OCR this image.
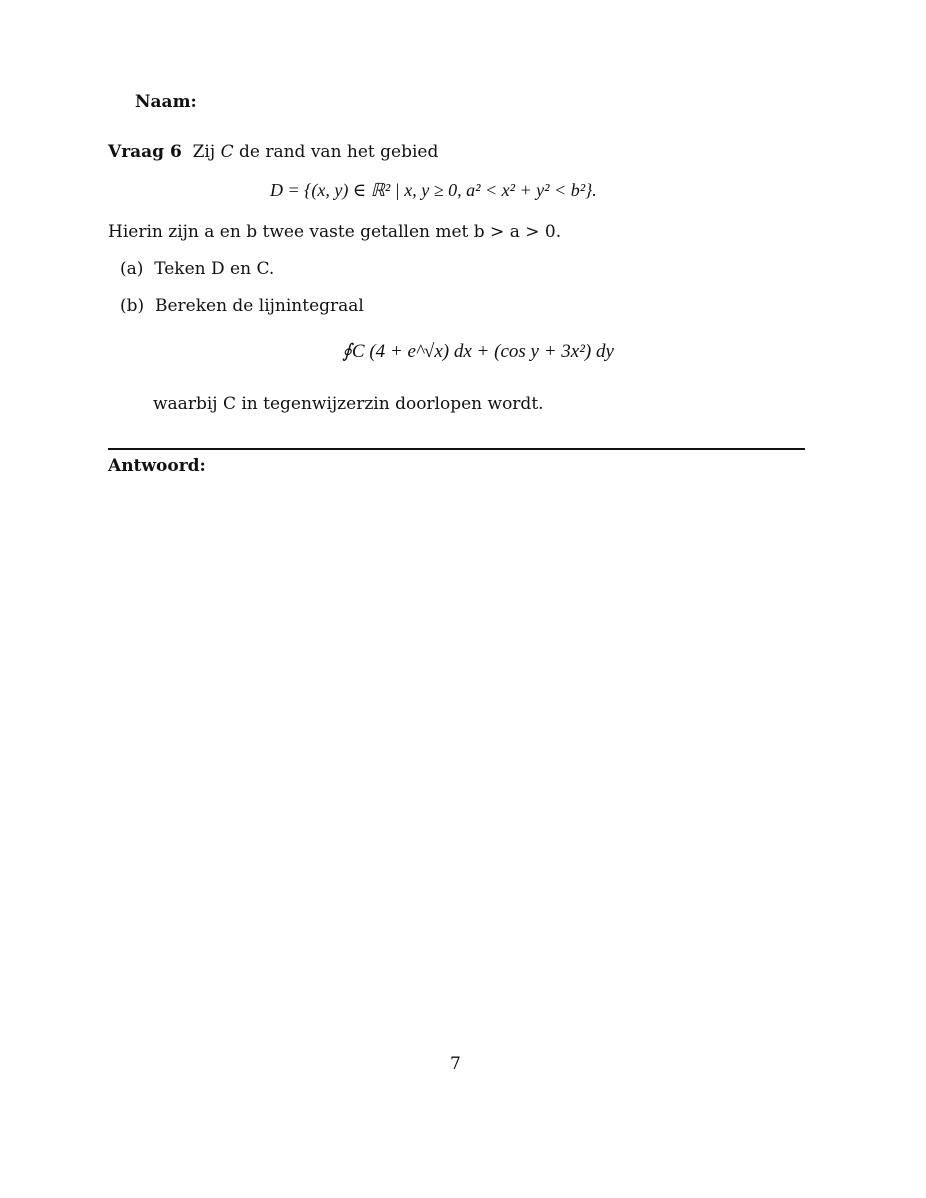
Naam:
Vraag 6 Zij C de rand van het gebied
D = {(x, y) ∈ ℝ² | x, y ≥ 0, a² < x² + y² < b²}.
Hierin zijn a en b twee vaste getallen met b > a > 0.
(a) Teken D en C.
(b) Bereken de lijnintegraal
∮C (4 + e^√x) dx + (cos y + 3x²) dy
waarbij C in tegenwijzerzin doorlopen wordt.
Antwoord:
7
